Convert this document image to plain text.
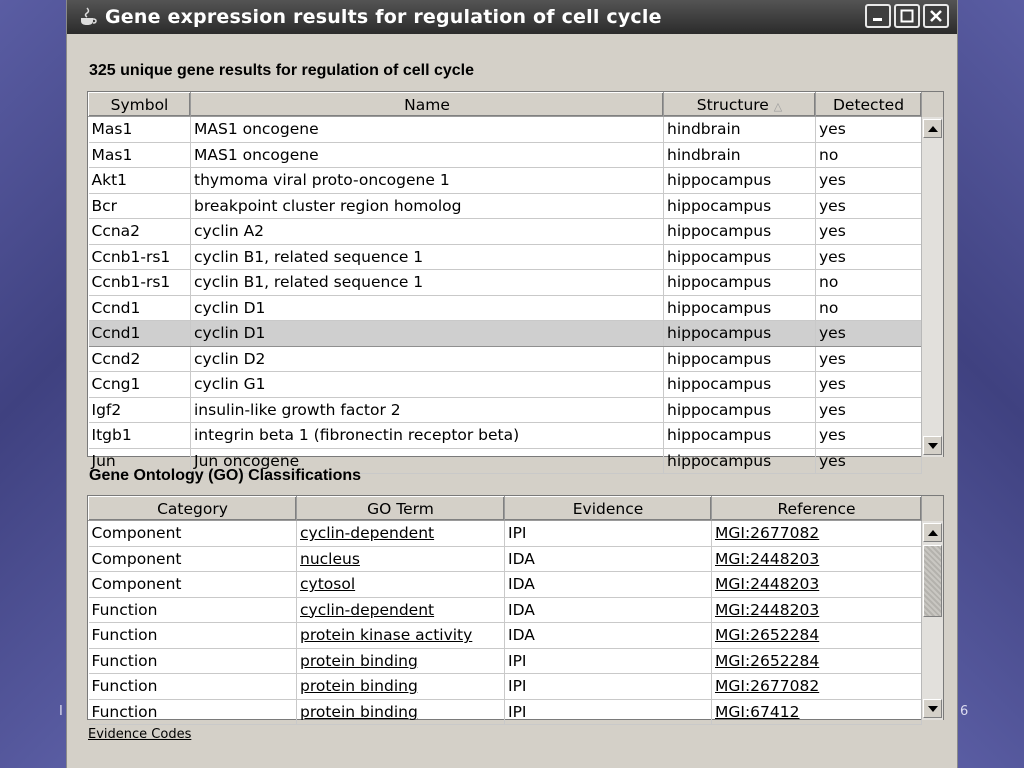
I	6
Gene expression results for regulation of cell cycle
325 unique gene results for regulation of cell cycle
Symbol	Name	Structure △	Detected
Mas1	MAS1 oncogene	hindbrain	yes
Mas1	MAS1 oncogene	hindbrain	no
Akt1	thymoma viral proto-oncogene 1	hippocampus	yes
Bcr	breakpoint cluster region homolog	hippocampus	yes
Ccna2	cyclin A2	hippocampus	yes
Ccnb1-rs1	cyclin B1, related sequence 1	hippocampus	yes
Ccnb1-rs1	cyclin B1, related sequence 1	hippocampus	no
Ccnd1	cyclin D1	hippocampus	no
Ccnd1	cyclin D1	hippocampus	yes
Ccnd2	cyclin D2	hippocampus	yes
Ccng1	cyclin G1	hippocampus	yes
Igf2	insulin-like growth factor 2	hippocampus	yes
Itgb1	integrin beta 1 (fibronectin receptor beta)	hippocampus	yes
Jun	Jun oncogene	hippocampus	yes
Gene Ontology (GO) Classifications
Category	GO Term	Evidence	Reference
Component	cyclin-dependent	IPI	MGI:2677082
Component	nucleus	IDA	MGI:2448203
Component	cytosol	IDA	MGI:2448203
Function	cyclin-dependent	IDA	MGI:2448203
Function	protein kinase activity	IDA	MGI:2652284
Function	protein binding	IPI	MGI:2652284
Function	protein binding	IPI	MGI:2677082
Function	protein binding	IPI	MGI:67412
Evidence Codes
